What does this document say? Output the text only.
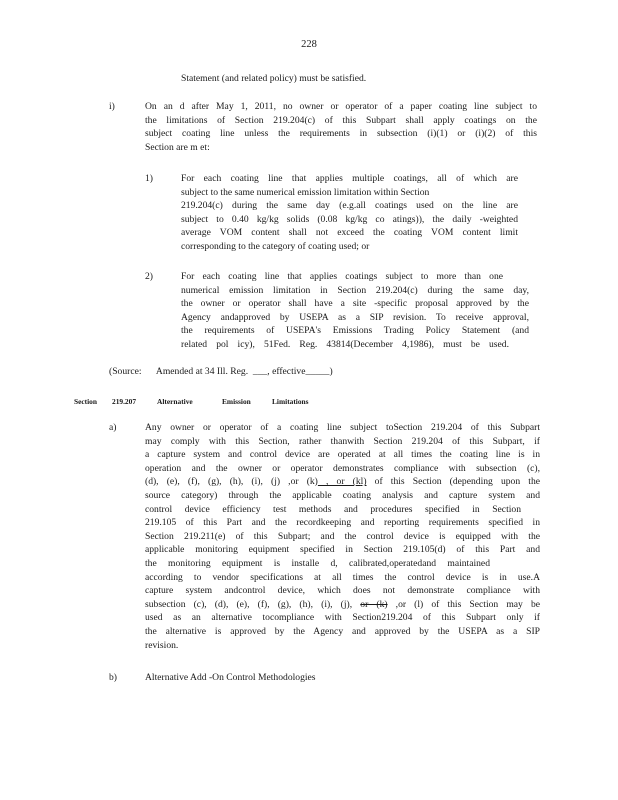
228
Statement (and related policy) must be satisfied.
i)	On an d after May 1, 2011, no owner or operator of a paper coating line subject to
the limitations of Section 219.204(c) of this Subpart shall apply coatings on the
subject coating line unless the requirements in subsection (i)(1) or (i)(2) of this
Section are m et:
1)	For each coating line that applies multiple coatings, all of which are
subject to the same numerical emission limitation within Section
219.204(c) during the same day (e.g.all coatings used on the line are
subject to 0.40 kg/kg solids (0.08 kg/kg co atings)), the daily -weighted
average VOM content shall not exceed the coating VOM content limit
corresponding to the category of coating used; or
2)	For each coating line that applies coatings subject to more than one
numerical emission limitation in Section 219.204(c) during the same day,
the owner or operator shall have a site -specific proposal approved by the
Agency andapproved by USEPA as a SIP revision. To receive approval,
the requirements of USEPA's Emissions Trading Policy Statement (and
related pol icy), 51Fed. Reg. 43814(December 4,1986), must be used.
(Source: Amended at 34 Ill. Reg. ___, effective_____)
Section 219.207	Alternative	Emission	Limitations
a)	Any owner or operator of a coating line subject toSection 219.204 of this Subpart
may comply with this Section, rather thanwith Section 219.204 of this Subpart, if
a capture system and control device are operated at all times the coating line is in
operation and the owner or operator demonstrates compliance with subsection (c),
(d), (e), (f), (g), (h), (i), (j) ,or (k) , or (kl) of this Section (depending upon the
source category) through the applicable coating analysis and capture system and
control device efficiency test methods and procedures specified in Section
219.105 of this Part and the recordkeeping and reporting requirements specified in
Section 219.211(e) of this Subpart; and the control device is equipped with the
applicable monitoring equipment specified in Section 219.105(d) of this Part and
the monitoring equipment is installe d, calibrated,operatedand maintained
according to vendor specifications at all times the control device is in use.A
capture system andcontrol device, which does not demonstrate compliance with
subsection (c), (d), (e), (f), (g), (h), (i), (j), or (k) ,or (l) of this Section may be
used as an alternative tocompliance with Section219.204 of this Subpart only if
the alternative is approved by the Agency and approved by the USEPA as a SIP
revision.
b)	Alternative Add -On Control Methodologies
